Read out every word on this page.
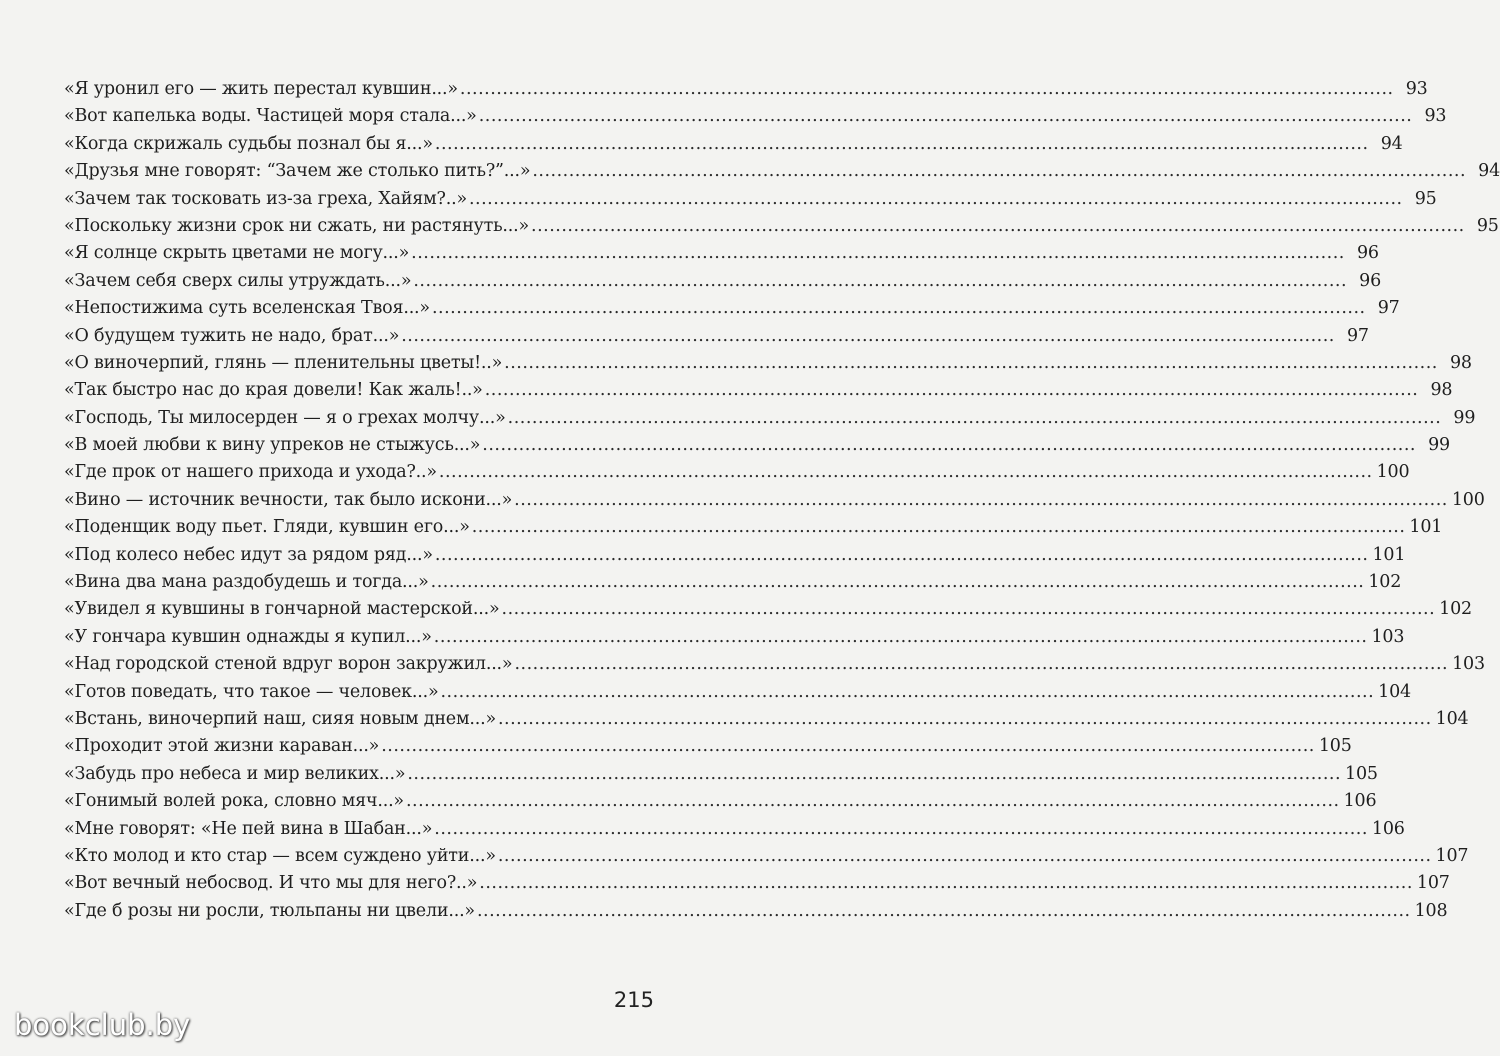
«Я уронил его — жить перестал кувшин...» .....	93
«Вот капелька воды. Частицей моря стала...» .....	93
«Когда скрижаль судьбы познал бы я...» .....	94
«Друзья мне говорят: “Зачем же столько пить?”...» .....	94
«Зачем так тосковать из-за греха, Хайям?..» .....	95
«Поскольку жизни срок ни сжать, ни растянуть...» .....	95
«Я солнце скрыть цветами не могу...» .....	96
«Зачем себя сверх силы утруждать...» .....	96
«Непостижима суть вселенская Твоя...» .....	97
«О будущем тужить не надо, брат...» .....	97
«О виночерпий, глянь — пленительны цветы!..» .....	98
«Так быстро нас до края довели! Как жаль!..» .....	98
«Господь, Ты милосерден — я о грехах молчу...» .....	99
«В моей любви к вину упреков не стыжусь...» .....	99
«Где прок от нашего прихода и ухода?..» .....	100
«Вино — источник вечности, так было искони...» .....	100
«Поденщик воду пьет. Гляди, кувшин его...» .....	101
«Под колесо небес идут за рядом ряд...» .....	101
«Вина два мана раздобудешь и тогда...» .....	102
«Увидел я кувшины в гончарной мастерской...» .....	102
«У гончара кувшин однажды я купил...» .....	103
«Над городской стеной вдруг ворон закружил...» .....	103
«Готов поведать, что такое — человек...» .....	104
«Встань, виночерпий наш, сияя новым днем...» .....	104
«Проходит этой жизни караван...» .....	105
«Забудь про небеса и мир великих...» .....	105
«Гонимый волей рока, словно мяч...» .....	106
«Мне говорят: «Не пей вина в Шабан...» .....	106
«Кто молод и кто стар — всем суждено уйти...» .....	107
«Вот вечный небосвод. И что мы для него?..» .....	107
«Где б розы ни росли, тюльпаны ни цвели...» .....	108
215
bookclub.by
